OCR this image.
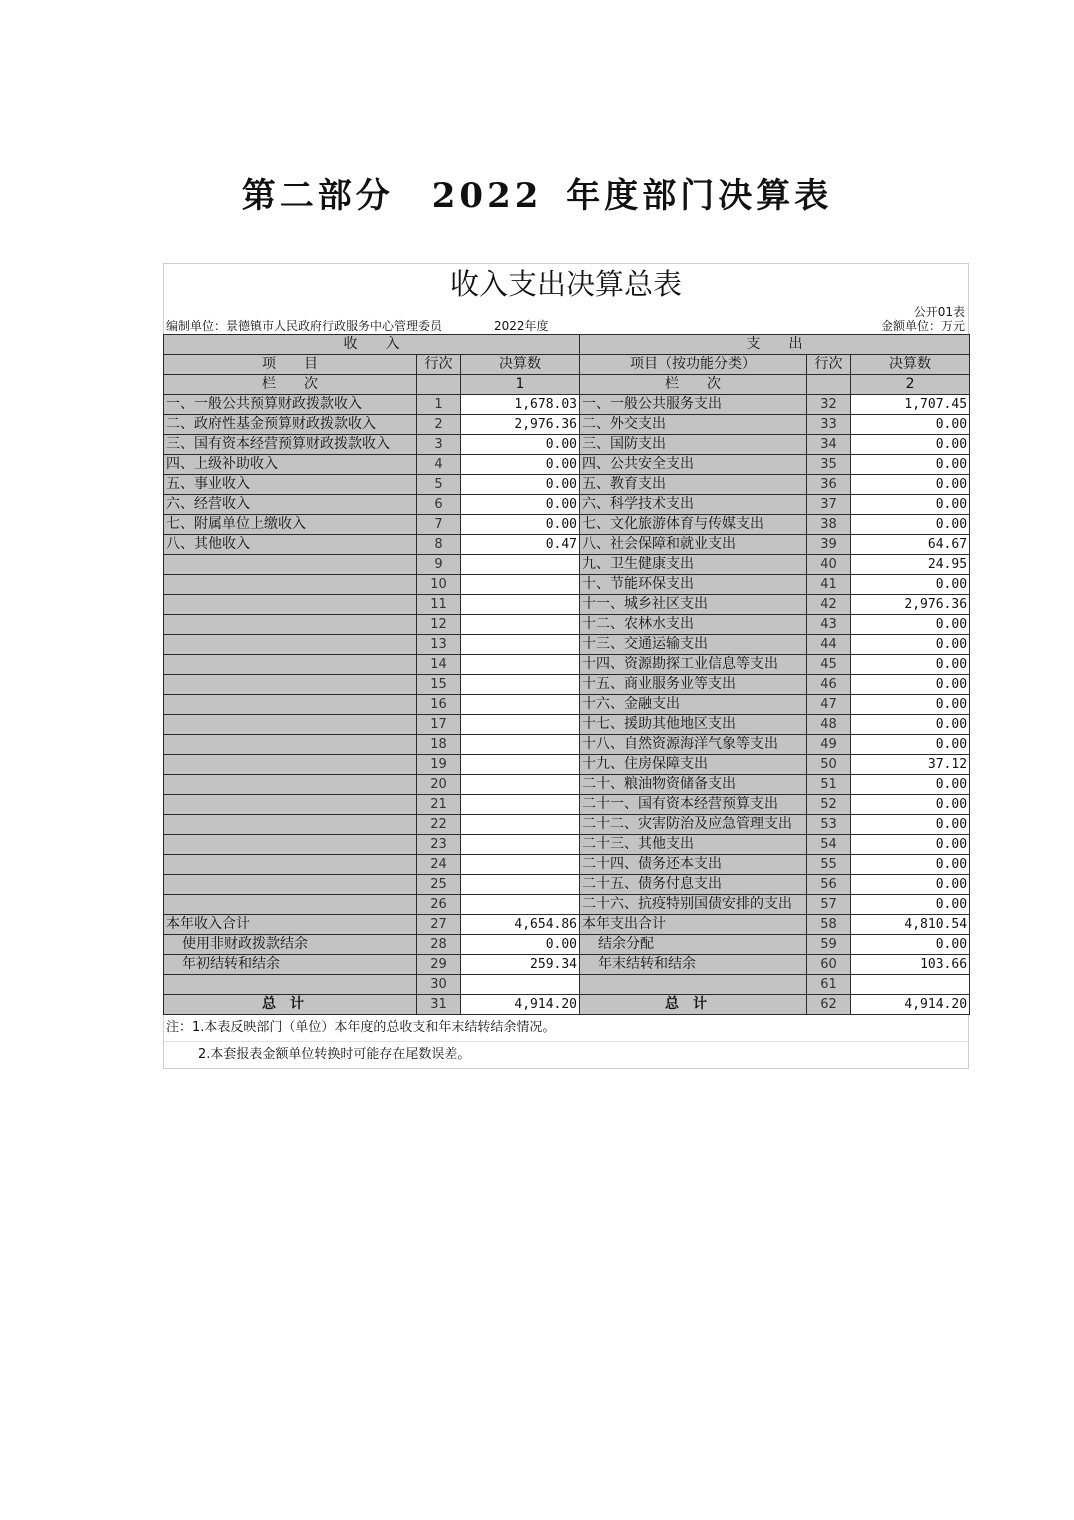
第二部分　2022 年度部门决算表
收入支出决算总表
公开01表
编制单位：景德镇市人民政府行政服务中心管理委员	2022年度	金额单位：万元
收　　入			支　　出		
项　　目	行次	决算数	项目（按功能分类）	行次	决算数
栏　　次		1	栏　　次		2
一、一般公共预算财政拨款收入	1	1,678.03	一、一般公共服务支出	32	1,707.45
二、政府性基金预算财政拨款收入	2	2,976.36	二、外交支出	33	0.00
三、国有资本经营预算财政拨款收入	3	0.00	三、国防支出	34	0.00
四、上级补助收入	4	0.00	四、公共安全支出	35	0.00
五、事业收入	5	0.00	五、教育支出	36	0.00
六、经营收入	6	0.00	六、科学技术支出	37	0.00
七、附属单位上缴收入	7	0.00	七、文化旅游体育与传媒支出	38	0.00
八、其他收入	8	0.47	八、社会保障和就业支出	39	64.67
	9		九、卫生健康支出	40	24.95
	10		十、节能环保支出	41	0.00
	11		十一、城乡社区支出	42	2,976.36
	12		十二、农林水支出	43	0.00
	13		十三、交通运输支出	44	0.00
	14		十四、资源勘探工业信息等支出	45	0.00
	15		十五、商业服务业等支出	46	0.00
	16		十六、金融支出	47	0.00
	17		十七、援助其他地区支出	48	0.00
	18		十八、自然资源海洋气象等支出	49	0.00
	19		十九、住房保障支出	50	37.12
	20		二十、粮油物资储备支出	51	0.00
	21		二十一、国有资本经营预算支出	52	0.00
	22		二十二、灾害防治及应急管理支出	53	0.00
	23		二十三、其他支出	54	0.00
	24		二十四、债务还本支出	55	0.00
	25		二十五、债务付息支出	56	0.00
	26		二十六、抗疫特别国债安排的支出	57	0.00
本年收入合计	27	4,654.86	本年支出合计	58	4,810.54
使用非财政拨款结余	28	0.00	结余分配	59	0.00
年初结转和结余	29	259.34	年末结转和结余	60	103.66
	30			61	
总计	31	4,914.20	总计	62	4,914.20
注：1.本表反映部门（单位）本年度的总收支和年末结转结余情况。
2.本套报表金额单位转换时可能存在尾数误差。
